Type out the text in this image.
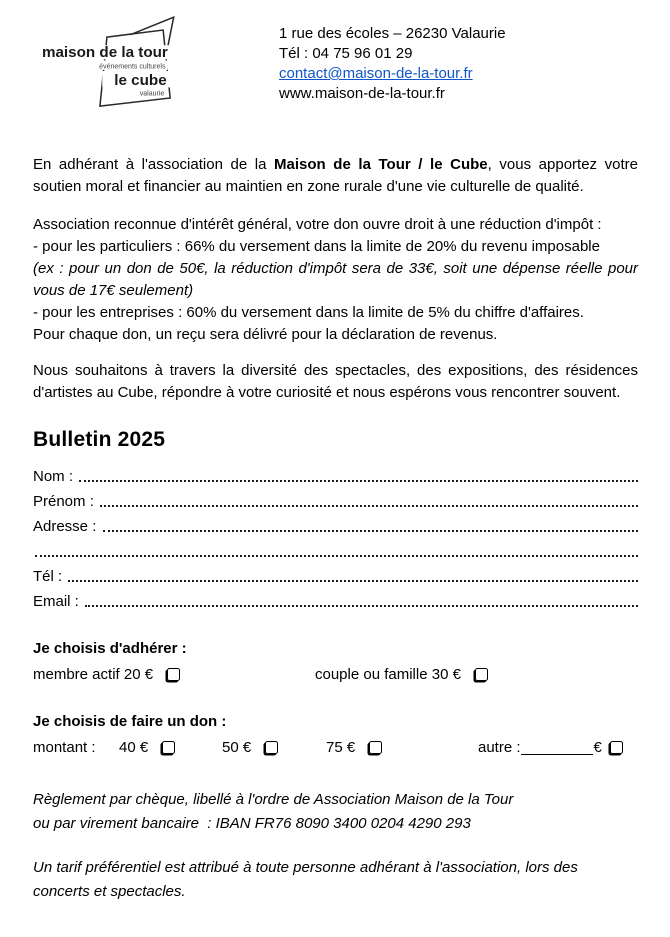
maison de la tour
événements culturels
le cube
valaurie
1 rue des écoles – 26230 Valaurie
Tél : 04 75 96 01 29
contact@maison-de-la-tour.fr
www.maison-de-la-tour.fr
En adhérant à l'association de la Maison de la Tour / le Cube, vous apportez votre soutien moral et financier au maintien en zone rurale d'une vie culturelle de qualité.
Association reconnue d'intérêt général, votre don ouvre droit à une réduction d'impôt :
- pour les particuliers : 66% du versement dans la limite de 20% du revenu imposable
(ex : pour un don de 50€, la réduction d'impôt sera de 33€, soit une dépense réelle pour vous de 17€ seulement)
- pour les entreprises : 60% du versement dans la limite de 5% du chiffre d'affaires.
Pour chaque don, un reçu sera délivré pour la déclaration de revenus.
Nous souhaitons à travers la diversité des spectacles, des expositions, des résidences d'artistes au Cube, répondre à votre curiosité et nous espérons vous rencontrer souvent.
Bulletin 2025
Nom :
Prénom :
Adresse :
Tél :
Email :
Je choisis d'adhérer :
membre actif 20 €	couple ou famille 30 €
Je choisis de faire un don :
montant :	40 €	50 €	75 €	autre :	€
Règlement par chèque, libellé à l'ordre de Association Maison de la Tour
ou par virement bancaire  : IBAN FR76 8090 3400 0204 4290 293
Un tarif préférentiel est attribué à toute personne adhérant à l'association, lors des concerts et spectacles.
